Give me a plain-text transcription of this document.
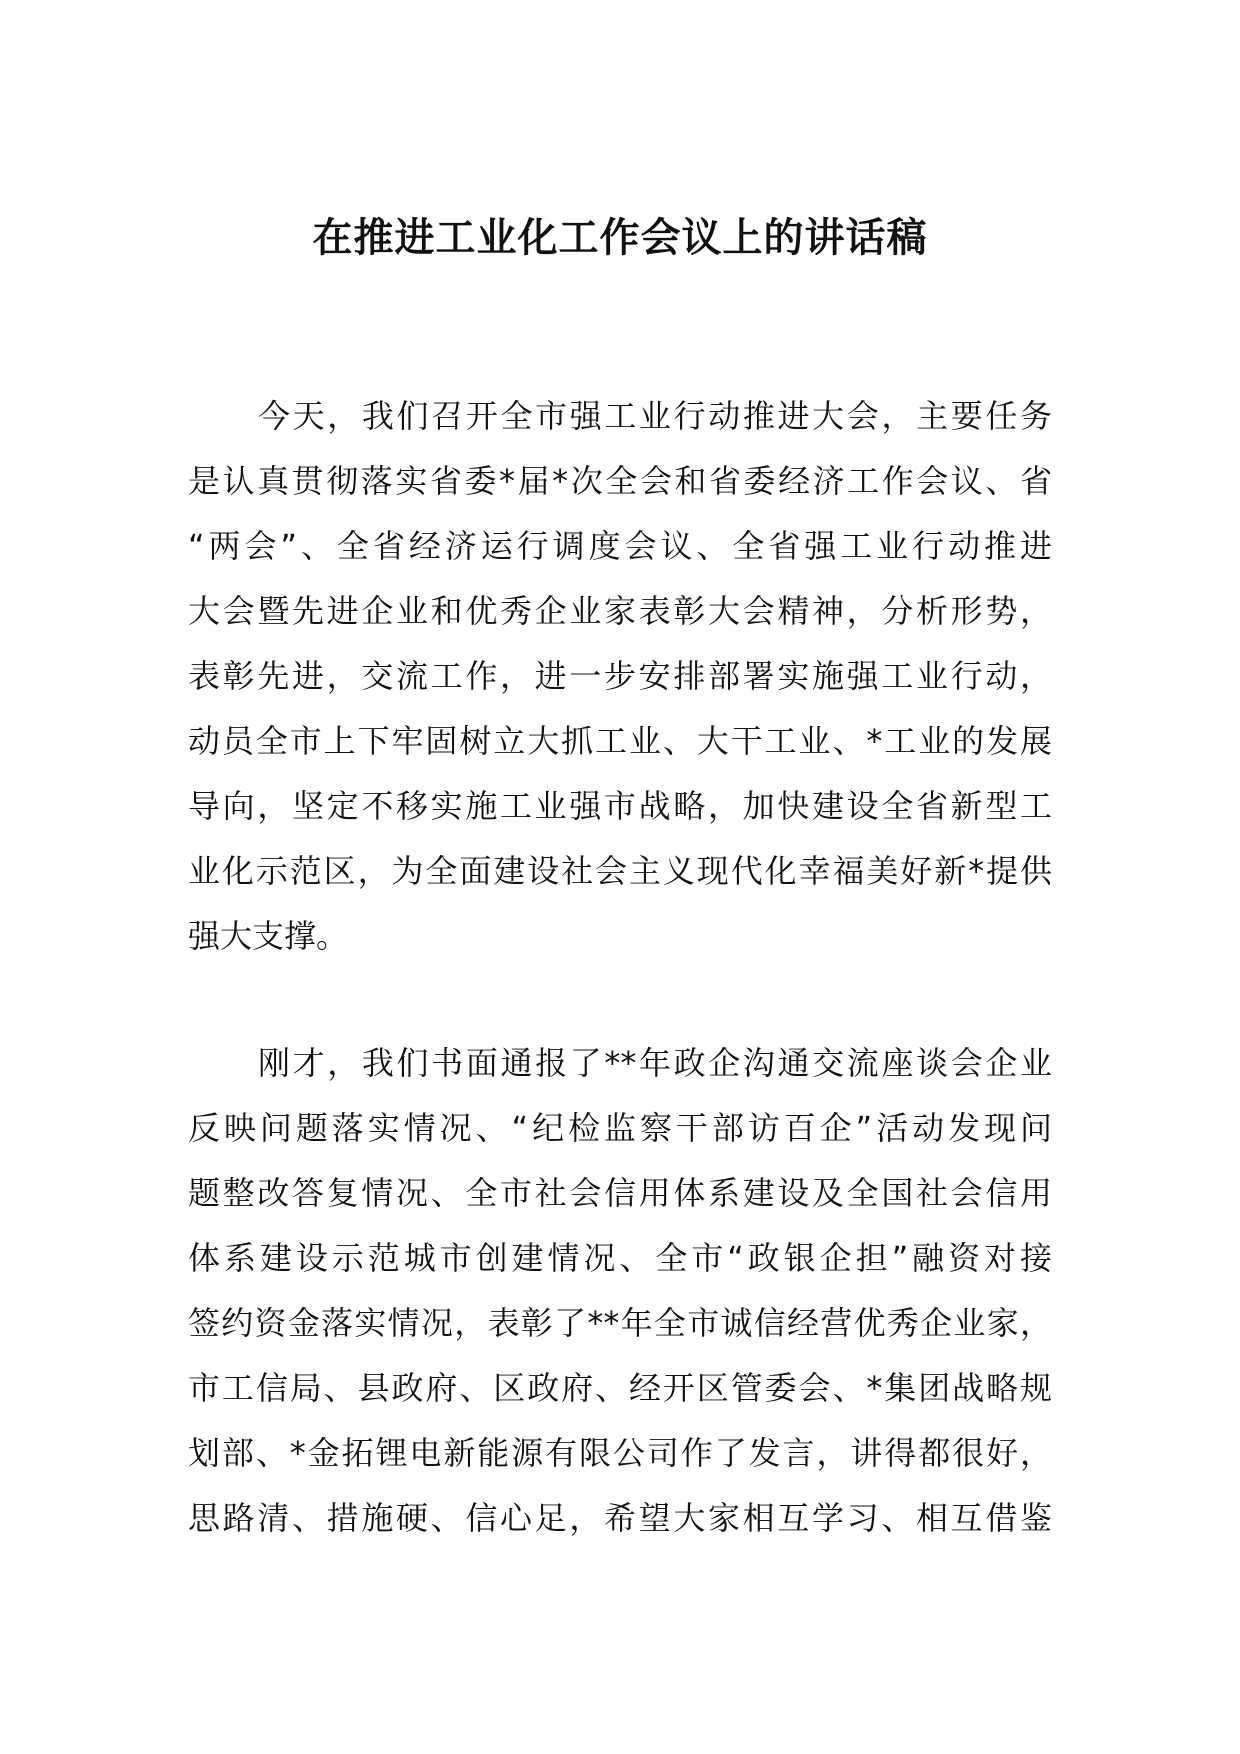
在推进工业化工作会议上的讲话稿
今天，我们召开全市强工业行动推进大会，主要任务
是认真贯彻落实省委*届*次全会和省委经济工作会议、省
“两会”、全省经济运行调度会议、全省强工业行动推进
大会暨先进企业和优秀企业家表彰大会精神，分析形势，
表彰先进，交流工作，进一步安排部署实施强工业行动，
动员全市上下牢固树立大抓工业、大干工业、*工业的发展
导向，坚定不移实施工业强市战略，加快建设全省新型工
业化示范区，为全面建设社会主义现代化幸福美好新*提供
强大支撑。
刚才，我们书面通报了**年政企沟通交流座谈会企业
反映问题落实情况、“纪检监察干部访百企”活动发现问
题整改答复情况、全市社会信用体系建设及全国社会信用
体系建设示范城市创建情况、全市“政银企担”融资对接
签约资金落实情况，表彰了**年全市诚信经营优秀企业家，
市工信局、县政府、区政府、经开区管委会、*集团战略规
划部、*金拓锂电新能源有限公司作了发言，讲得都很好，
思路清、措施硬、信心足，希望大家相互学习、相互借鉴
